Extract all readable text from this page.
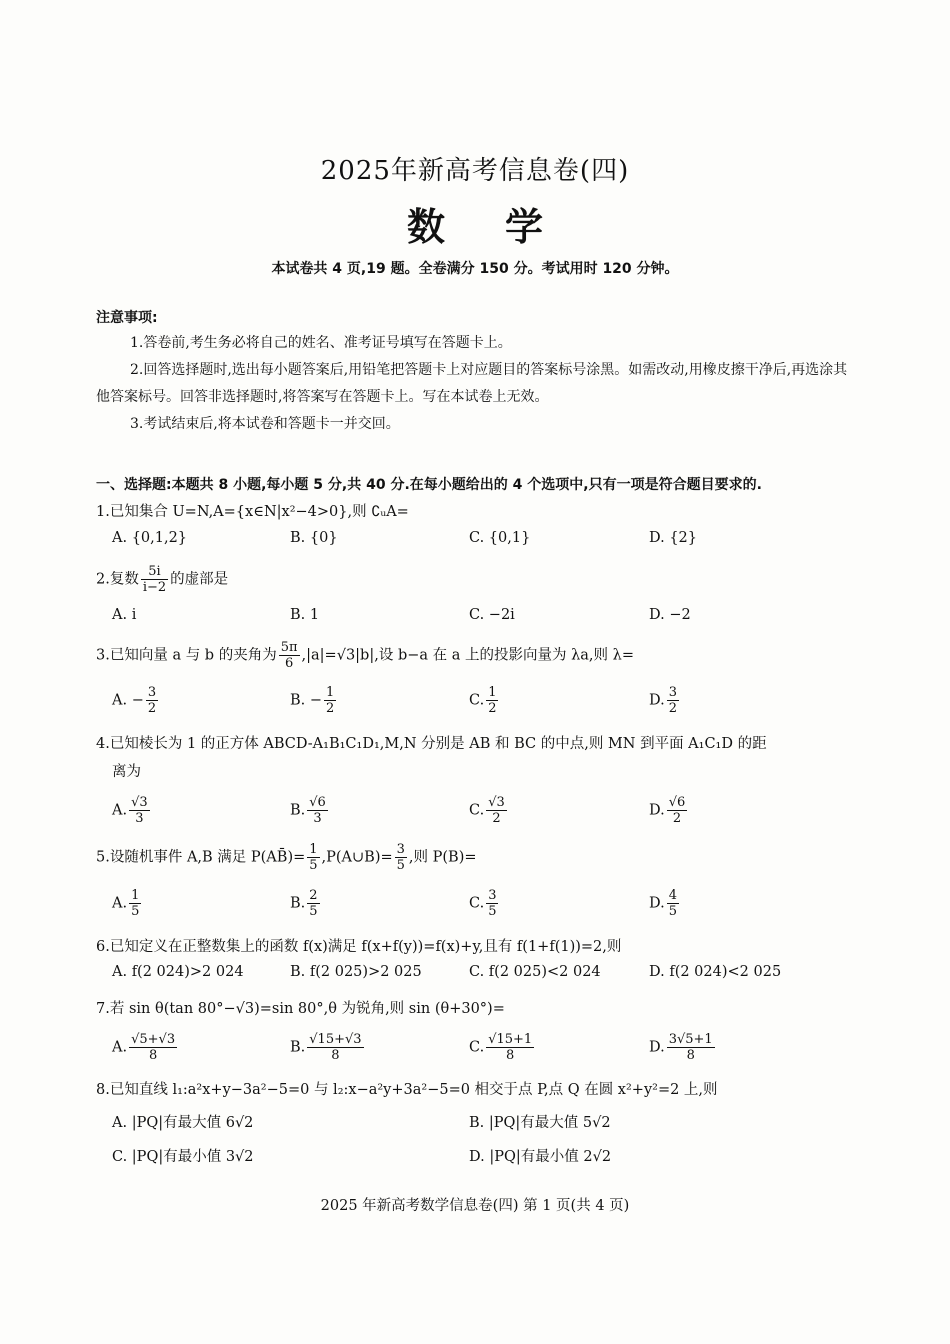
2025年新高考信息卷(四)
数学
本试卷共 4 页,19 题。全卷满分 150 分。考试用时 120 分钟。
注意事项:

1.答卷前,考生务必将自己的姓名、准考证号填写在答题卡上。

2.回答选择题时,选出每小题答案后,用铅笔把答题卡上对应题目的答案标号涂黑。如需改动,用橡皮擦干净后,再选涂其他答案标号。回答非选择题时,将答案写在答题卡上。写在本试卷上无效。

3.考试结束后,将本试卷和答题卡一并交回。

一、选择题:本题共 8 小题,每小题 5 分,共 40 分.在每小题给出的 4 个选项中,只有一项是符合题目要求的.
1.已知集合 U=N,A={x∈N|x²−4>0},则 ∁ᵤA=
A. {0,1,2}	B. {0}	C. {0,1}	D. {2}
2.复数 $\frac{5i}{i-2}$ 的虚部是
A. i	B. 1	C. −2i	D. −2
3.已知向量 a 与 b 的夹角为 $\frac{5\pi}{6} ,|a|=√3|b|$,设 b−a 在 a 上的投影向量为 λa,则 λ=
A. − $\frac{3}{2}$	B. − $\frac{1}{2}$	C. $\frac{1}{2}$	D. $\frac{3}{2}$
4.已知棱长为 1 的正方体 ABCD-A₁B₁C₁D₁,M,N 分别是 AB 和 BC 的中点,则 MN 到平面 A₁C₁D 的距
离为
A. $\frac{√3}{3}$	B. $\frac{√6}{3}$	C. $\frac{√3}{2}$	D. $\frac{√6}{2}$
5.设随机事件 A,B 满足 P(AB̄)= $\frac{1}{5}$ ,P(A∪B)= $\frac{3}{5}$ ,则 P(B)=
A. $\frac{1}{5}$	B. $\frac{2}{5}$	C. $\frac{3}{5}$	D. $\frac{4}{5}$
6.已知定义在正整数集上的函数 f(x)满足 f(x+f(y))=f(x)+y,且有 f(1+f(1))=2,则
A. f(2 024)>2 024	B. f(2 025)>2 025	C. f(2 025)<2 024	D. f(2 024)<2 025
7.若 sin θ(tan 80°−√3)=sin 80°,θ 为锐角,则 sin (θ+30°)=
A. $\frac{√5+√3}{8}$	B. $\frac{√15+√3}{8}$	C. $\frac{√15+1}{8}$	D. $\frac{3√5+1}{8}$
8.已知直线 l₁:a²x+y−3a²−5=0 与 l₂:x−a²y+3a²−5=0 相交于点 P,点 Q 在圆 x²+y²=2 上,则
A. |PQ|有最大值 6√2	B. |PQ|有最大值 5√2
C. |PQ|有最小值 3√2	D. |PQ|有最小值 2√2
2025 年新高考数学信息卷(四) 第 1 页(共 4 页)
